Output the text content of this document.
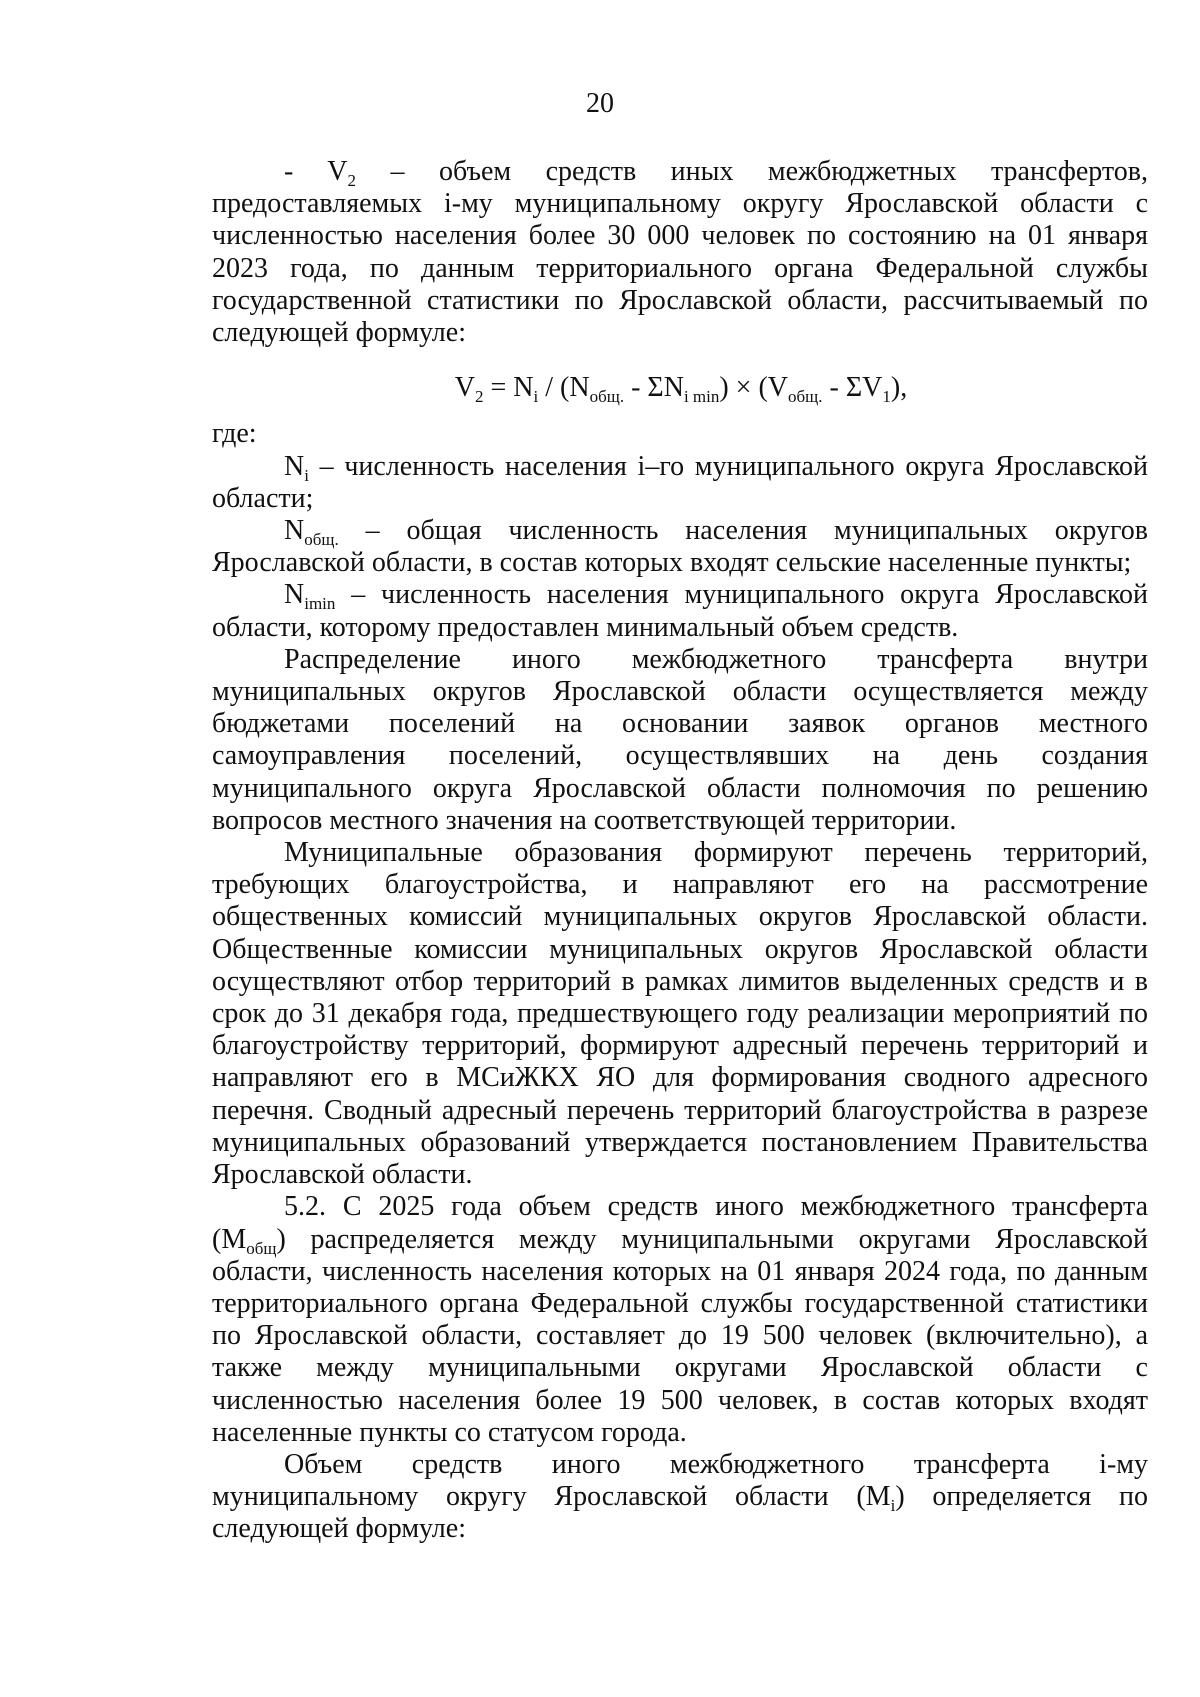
20

- $V_2$ – объем средств иных межбюджетных трансфертов, предоставляемых i-му муниципальному округу Ярославской области с численностью населения более 30 000 человек по состоянию на 01 января 2023 года, по данным территориального органа Федеральной службы государственной статистики по Ярославской области, рассчитываемый по следующей формуле:

$V_2 = N_i / (N_{общ.} - \Sigma N_{i min}) \times (V_{общ.} - \Sigma V_1)$,

где:

$N_i$ – численность населения i–го муниципального округа Ярославской области;

$N_{общ.}$ – общая численность населения муниципальных округов Ярославской области, в состав которых входят сельские населенные пункты;

$N_{imin}$ – численность населения муниципального округа Ярославской области, которому предоставлен минимальный объем средств.

Распределение иного межбюджетного трансферта внутри муниципальных округов Ярославской области осуществляется между бюджетами поселений на основании заявок органов местного самоуправления поселений, осуществлявших на день создания муниципального округа Ярославской области полномочия по решению вопросов местного значения на соответствующей территории.

Муниципальные образования формируют перечень территорий, требующих благоустройства, и направляют его на рассмотрение общественных комиссий муниципальных округов Ярославской области. Общественные комиссии муниципальных округов Ярославской области осуществляют отбор территорий в рамках лимитов выделенных средств и в срок до 31 декабря года, предшествующего году реализации мероприятий по благоустройству территорий, формируют адресный перечень территорий и направляют его в МСиЖКХ ЯО для формирования сводного адресного перечня. Сводный адресный перечень территорий благоустройства в разрезе муниципальных образований утверждается постановлением Правительства Ярославской области.

5.2. С 2025 года объем средств иного межбюджетного трансферта $(М_{общ})$ распределяется между муниципальными округами Ярославской области, численность населения которых на 01 января 2024 года, по данным территориального органа Федеральной службы государственной статистики по Ярославской области, составляет до 19 500 человек (включительно), а также между муниципальными округами Ярославской области с численностью населения более 19 500 человек, в состав которых входят населенные пункты со статусом города.

Объем средств иного межбюджетного трансферта i-му муниципальному округу Ярославской области $(М_i)$ определяется по следующей формуле:
